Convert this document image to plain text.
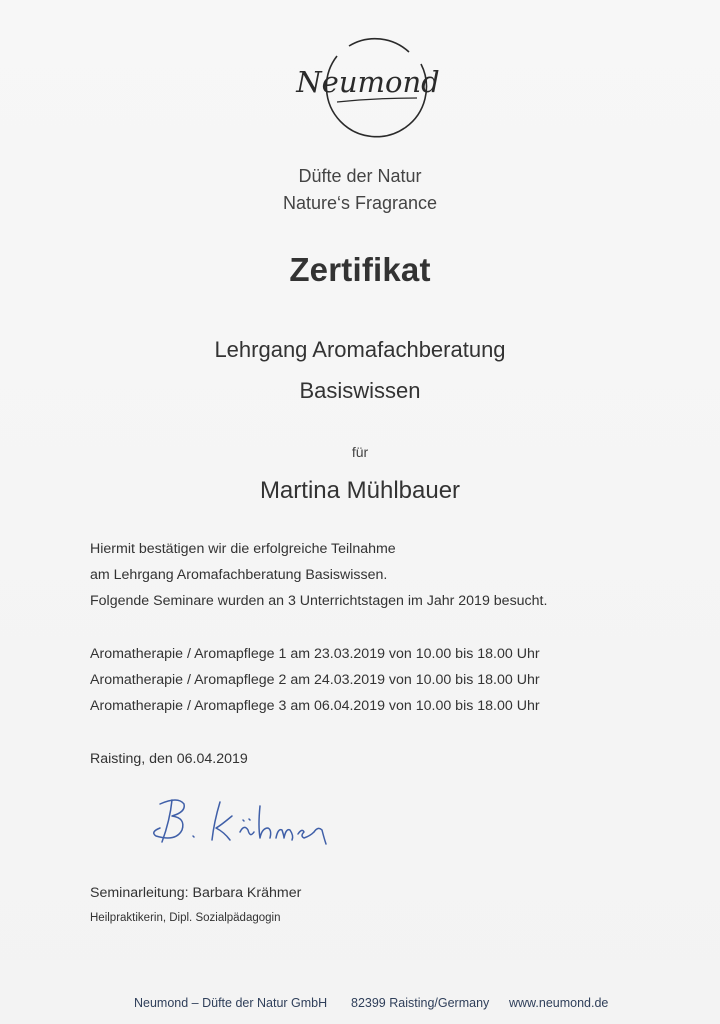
Neumond
Düfte der Natur
Nature‘s Fragrance
Zertifikat
Lehrgang Aromafachberatung
Basiswissen
für
Martina Mühlbauer
Hiermit bestätigen wir die erfolgreiche Teilnahme
am Lehrgang Aromafachberatung Basiswissen.
Folgende Seminare wurden an 3 Unterrichtstagen im Jahr 2019 besucht.
Aromatherapie / Aromapflege 1 am 23.03.2019 von 10.00 bis 18.00 Uhr
Aromatherapie / Aromapflege 2 am 24.03.2019 von 10.00 bis 18.00 Uhr
Aromatherapie / Aromapflege 3 am 06.04.2019 von 10.00 bis 18.00 Uhr
Raisting, den 06.04.2019
Seminarleitung: Barbara Krähmer
Heilpraktikerin, Dipl. Sozialpädagogin
Neumond – Düfte der Natur GmbH 82399 Raisting/Germany www.neumond.de
